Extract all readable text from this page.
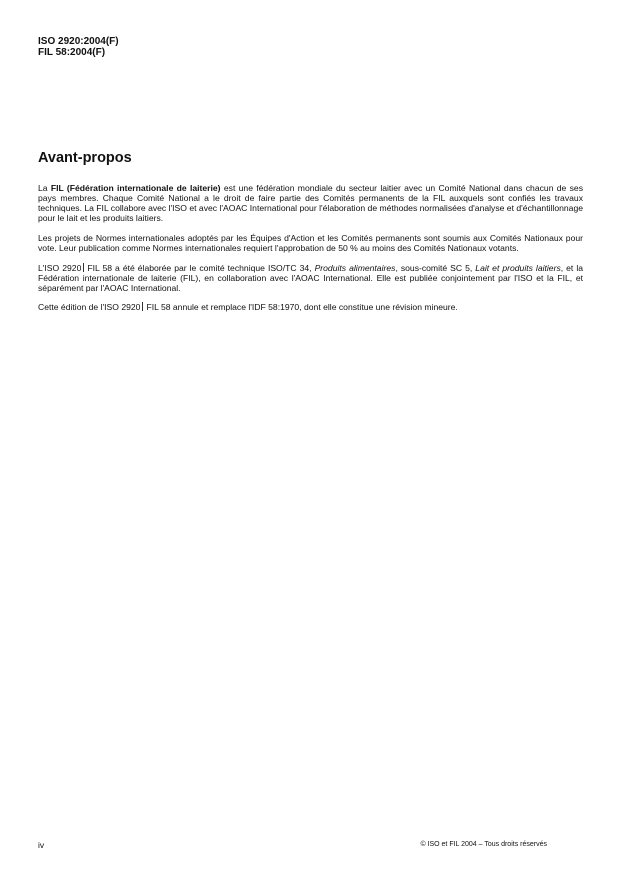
ISO 2920:2004(F)
FIL 58:2004(F)
Avant-propos

La FIL (Fédération internationale de laiterie) est une fédération mondiale du secteur laitier avec un Comité National dans chacun de ses pays membres. Chaque Comité National a le droit de faire partie des Comités permanents de la FIL auxquels sont confiés les travaux techniques. La FIL collabore avec l'ISO et avec l'AOAC International pour l'élaboration de méthodes normalisées d'analyse et d'échantillonnage pour le lait et les produits laitiers.

Les projets de Normes internationales adoptés par les Équipes d'Action et les Comités permanents sont soumis aux Comités Nationaux pour vote. Leur publication comme Normes internationales requiert l'approbation de 50 % au moins des Comités Nationaux votants.

L'ISO 2920 FIL 58 a été élaborée par le comité technique ISO/TC 34, Produits alimentaires, sous-comité SC 5, Lait et produits laitiers, et la Fédération internationale de laiterie (FIL), en collaboration avec l'AOAC International. Elle est publiée conjointement par l'ISO et la FIL, et séparément par l'AOAC International.

Cette édition de l'ISO 2920 FIL 58 annule et remplace l'IDF 58:1970, dont elle constitue une révision mineure.

iv	© ISO et FIL 2004 – Tous droits réservés
